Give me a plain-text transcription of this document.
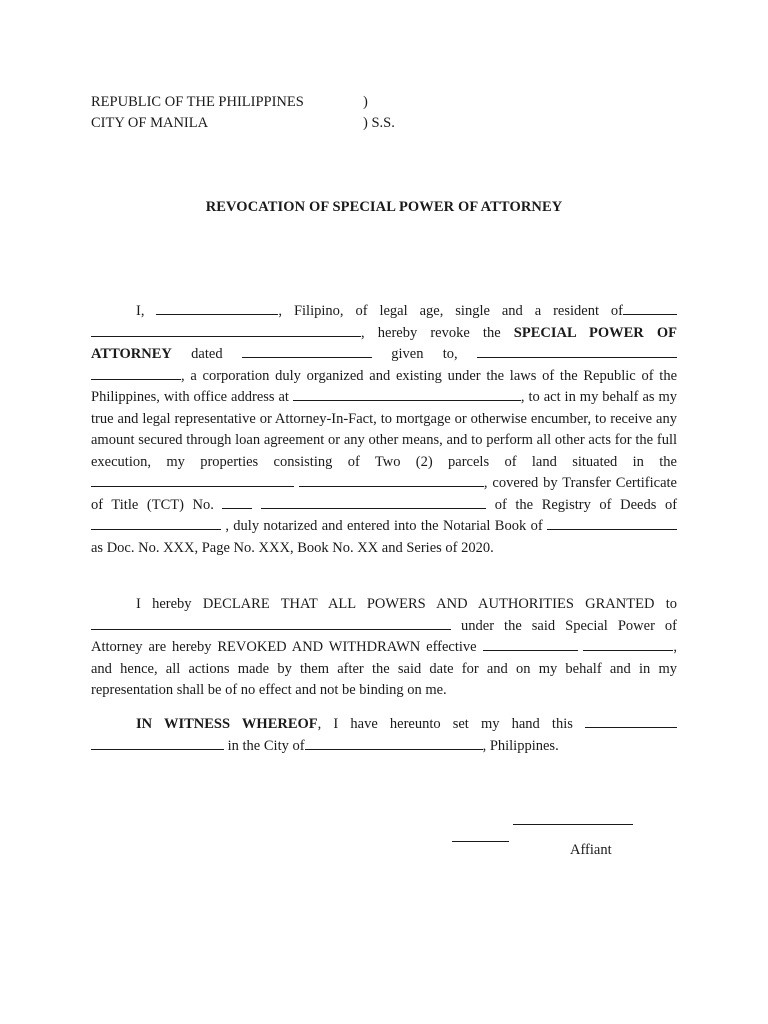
REPUBLIC OF THE PHILIPPINES	)
CITY OF MANILA	) S.S.
REVOCATION OF SPECIAL POWER OF ATTORNEY
I,	, Filipino, of legal age, single and a resident of , hereby revoke the SPECIAL POWER OF ATTORNEY dated	given to,  , a corporation duly organized and existing under the laws of the Republic of the Philippines, with office address at	, to act in my behalf as my true and legal representative or Attorney-In-Fact, to mortgage or otherwise encumber, to receive any amount secured through loan agreement or any other means, and to perform all other acts for the full execution, my properties consisting of Two (2) parcels of land situated in the , covered by Transfer Certificate of Title (TCT) No.	of the Registry of Deeds of  , duly notarized and entered into the Notarial Book of  as Doc. No. XXX, Page No. XXX, Book No. XX and Series of 2020.
I hereby DECLARE THAT ALL POWERS AND AUTHORITIES GRANTED to  under the said Special Power of Attorney are hereby REVOKED AND WITHDRAWN effective	, and hence, all actions made by them after the said date for and on my behalf and in my representation shall be of no effect and not be binding on me.
IN WITNESS WHEREOF, I have hereunto set my hand this   in the City of	, Philippines.
Affiant
